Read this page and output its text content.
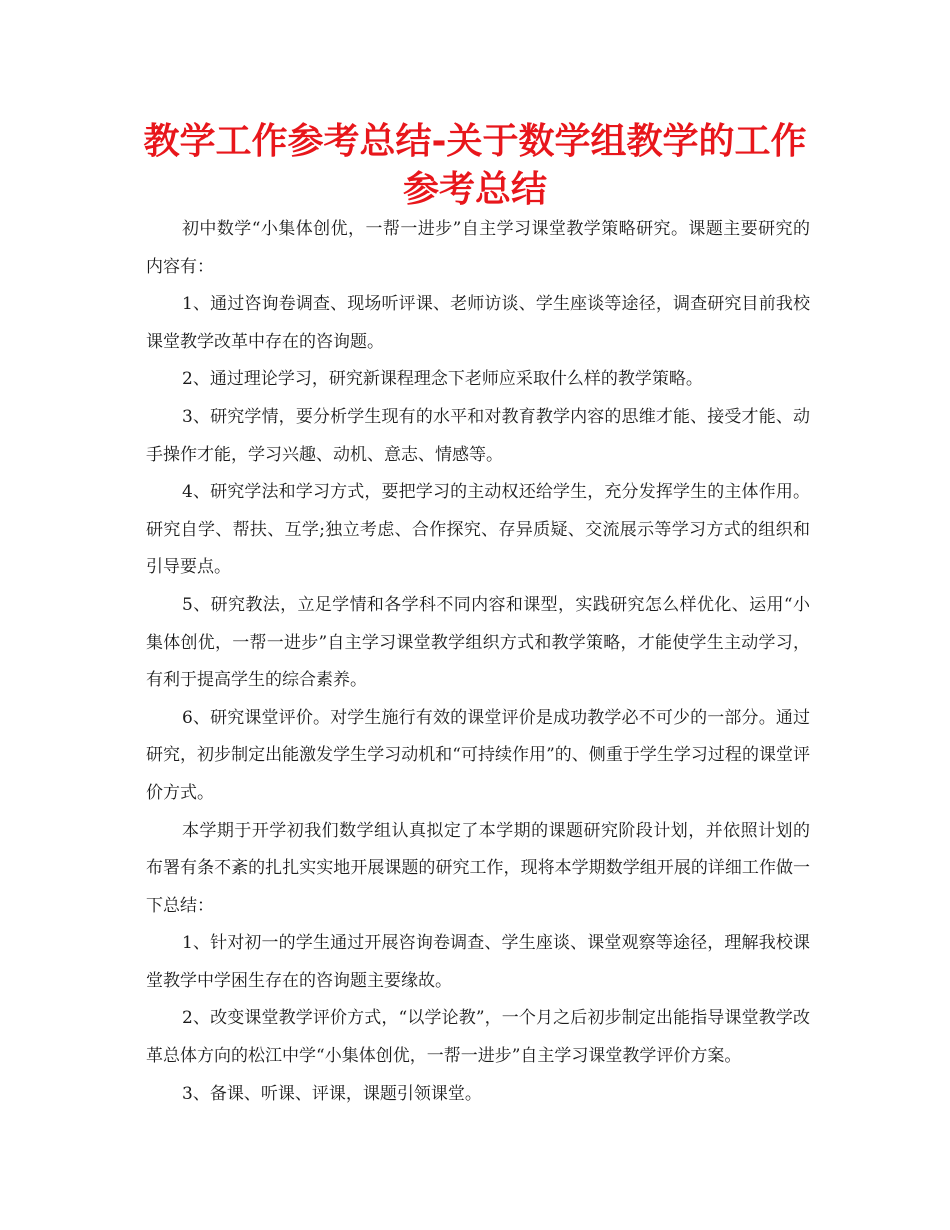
教学工作参考总结-关于数学组教学的工作参考总结

初中数学“小集体创优，一帮一进步”自主学习课堂教学策略研究。课题主要研究的内容有：

1、通过咨询卷调查、现场听评课、老师访谈、学生座谈等途径，调查研究目前我校课堂教学改革中存在的咨询题。

2、通过理论学习，研究新课程理念下老师应采取什么样的教学策略。

3、研究学情，要分析学生现有的水平和对教育教学内容的思维才能、接受才能、动手操作才能，学习兴趣、动机、意志、情感等。

4、研究学法和学习方式，要把学习的主动权还给学生，充分发挥学生的主体作用。研究自学、帮扶、互学;独立考虑、合作探究、存异质疑、交流展示等学习方式的组织和引导要点。

5、研究教法，立足学情和各学科不同内容和课型，实践研究怎么样优化、运用“小集体创优，一帮一进步”自主学习课堂教学组织方式和教学策略，才能使学生主动学习，有利于提高学生的综合素养。

6、研究课堂评价。对学生施行有效的课堂评价是成功教学必不可少的一部分。通过研究，初步制定出能激发学生学习动机和“可持续作用”的、侧重于学生学习过程的课堂评价方式。

本学期于开学初我们数学组认真拟定了本学期的课题研究阶段计划，并依照计划的布署有条不紊的扎扎实实地开展课题的研究工作，现将本学期数学组开展的详细工作做一下总结：

1、针对初一的学生通过开展咨询卷调查、学生座谈、课堂观察等途径，理解我校课堂教学中学困生存在的咨询题主要缘故。

2、改变课堂教学评价方式，“以学论教”，一个月之后初步制定出能指导课堂教学改革总体方向的松江中学“小集体创优，一帮一进步”自主学习课堂教学评价方案。

3、备课、听课、评课，课题引领课堂。
